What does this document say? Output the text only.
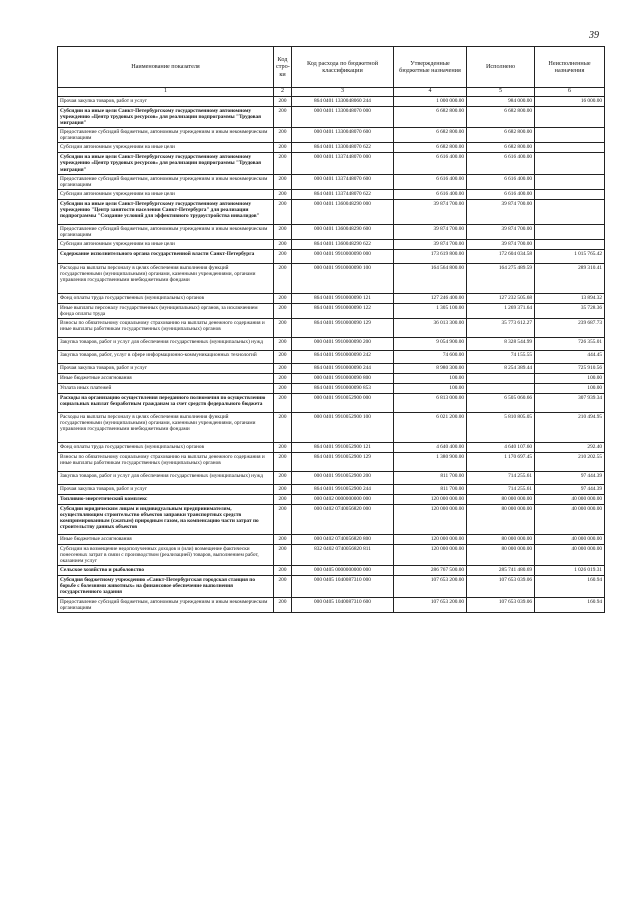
39
Наименование показателя	Код стро-ки	Код расхода по бюджетной классификации	Утвержденные бюджетные назначения	Исполнено	Неисполненные назначения
1	2	3	4	5	6
Прочая закупка товаров, работ и услуг	200	864 0401 1330048060 244	1 000 000.00	984 000.00	16 000.00
Субсидии на иные цели Санкт-Петербургскому государственному автономному учреждению «Центр трудовых ресурсов» для реализации подпрограммы "Трудовая миграция"	200	000 0401 1330048070 000	6 682 800.00	6 682 800.00	
Предоставление субсидий бюджетным, автономным учреждениям и иным некоммерческим организациям	200	000 0401 1330048070 600	6 682 800.00	6 682 800.00	
Субсидии автономным учреждениям на иные цели	200	864 0401 1330048070 622	6 682 800.00	6 682 800.00	
Субсидии на иные цели Санкт-Петербургскому государственному автономному учреждению «Центр трудовых ресурсов» для реализации подпрограммы "Трудовая миграция"	200	000 0401 1337448070 000	6 616 400.00	6 616 400.00	
Предоставление субсидий бюджетным, автономным учреждениям и иным некоммерческим организациям	200	000 0401 1337448070 600	6 616 400.00	6 616 400.00	
Субсидии автономным учреждениям на иные цели	200	864 0401 1337448070 622	6 616 400.00	6 616 400.00	
Субсидии на иные цели Санкт-Петербургскому государственному автономному учреждению "Центр занятости населения Санкт-Петербурга" для реализации подпрограммы "Создание условий для эффективного трудоустройства инвалидов"	200	000 0401 1360048290 000	39 874 700.00	39 874 700.00	
Предоставление субсидий бюджетным, автономным учреждениям и иным некоммерческим организациям	200	000 0401 1360048290 600	39 874 700.00	39 874 700.00	
Субсидии автономным учреждениям на иные цели	200	864 0401 1360048290 622	39 874 700.00	39 874 700.00	
Содержание исполнительного органа государственной власти Санкт-Петербурга	200	000 0401 9910000090 000	173 619 800.00	172 604 034.58	1 015 765.42
Расходы на выплаты персоналу в целях обеспечения выполнения функций государственными (муниципальными) органами, казенными учреждениями, органами управления государственными внебюджетными фондами	200	000 0401 9910000090 100	164 564 800.00	164 275 489.59	289 310.41
Фонд оплаты труда государственных (муниципальных) органов	200	864 0401 9910000090 121	127 246 400.00	127 232 505.68	13 894.32
Иные выплаты персоналу государственных (муниципальных) органов, за исключением фонда оплаты труда	200	864 0401 9910000090 122	1 305 100.00	1 269 371.64	35 728.36
Взносы по обязательному социальному страхованию на выплаты денежного содержания и иные выплаты работникам государственных (муниципальных) органов	200	864 0401 9910000090 129	36 013 300.00	35 773 612.27	239 687.73
Закупка товаров, работ и услуг для обеспечения государственных (муниципальных) нужд	200	000 0401 9910000090 200	9 054 900.00	8 328 544.99	726 355.01
Закупка товаров, работ, услуг в сфере информационно-коммуникационных технологий	200	864 0401 9910000090 242	74 600.00	74 155.55	444.45
Прочая закупка товаров, работ и услуг	200	864 0401 9910000090 244	8 980 300.00	8 254 389.44	725 910.56
Иные бюджетные ассигнования	200	000 0401 9910000090 800	100.00		100.00
Уплата иных платежей	200	864 0401 9910000090 853	100.00		100.00
Расходы на организацию осуществления переданного полномочия по осуществлению социальных выплат безработным гражданам за счет средств федерального бюджета	200	000 0401 9910052900 000	6 813 000.00	6 505 060.66	307 939.34
Расходы на выплаты персоналу в целях обеспечения выполнения функций государственными (муниципальными) органами, казенными учреждениями, органами управления государственными внебюджетными фондами	200	000 0401 9910052900 100	6 021 200.00	5 810 805.05	210 494.95
Фонд оплаты труда государственных (муниципальных) органов	200	864 0401 9910052900 121	4 640 400.00	4 640 107.60	292.40
Взносы по обязательному социальному страхованию на выплаты денежного содержания и иные выплаты работникам государственных (муниципальных) органов	200	864 0401 9910052900 129	1 380 900.00	1 170 697.45	210 202.55
Закупка товаров, работ и услуг для обеспечения государственных (муниципальных) нужд	200	000 0401 9910052900 200	811 700.00	714 255.61	97 444.39
Прочая закупка товаров, работ и услуг	200	864 0401 9910052900 244	811 700.00	714 255.61	97 444.39
Топливно-энергетический комплекс	200	000 0402 0000000000 000	120 000 000.00	80 000 000.00	40 000 000.00
Субсидии юридическим лицам и индивидуальным предпринимателям, осуществляющим строительство объектов заправки транспортных средств компримированным (сжатым) природным газом, на компенсацию части затрат по строительству данных объектов	200	000 0402 0740056820 000	120 000 000.00	80 000 000.00	40 000 000.00
Иные бюджетные ассигнования	200	000 0402 0740056820 800	120 000 000.00	80 000 000.00	40 000 000.00
Субсидии на возмещение недополученных доходов и (или) возмещение фактически понесенных затрат в связи с производством (реализацией) товаров, выполнением работ, оказанием услуг	200	832 0402 0740056820 811	120 000 000.00	80 000 000.00	40 000 000.00
Сельское хозяйство и рыболовство	200	000 0405 0000000000 000	286 767 500.00	285 741 480.69	1 026 019.31
Субсидия бюджетному учреждению «Санкт-Петербургская городская станция по борьбе с болезнями животных» на финансовое обеспечение выполнения государственного задания	200	000 0405 1040087310 000	107 653 200.00	107 653 039.06	160.94
Предоставление субсидий бюджетным, автономным учреждениям и иным некоммерческим организациям	200	000 0405 1040087310 600	107 653 200.00	107 653 039.06	160.94
